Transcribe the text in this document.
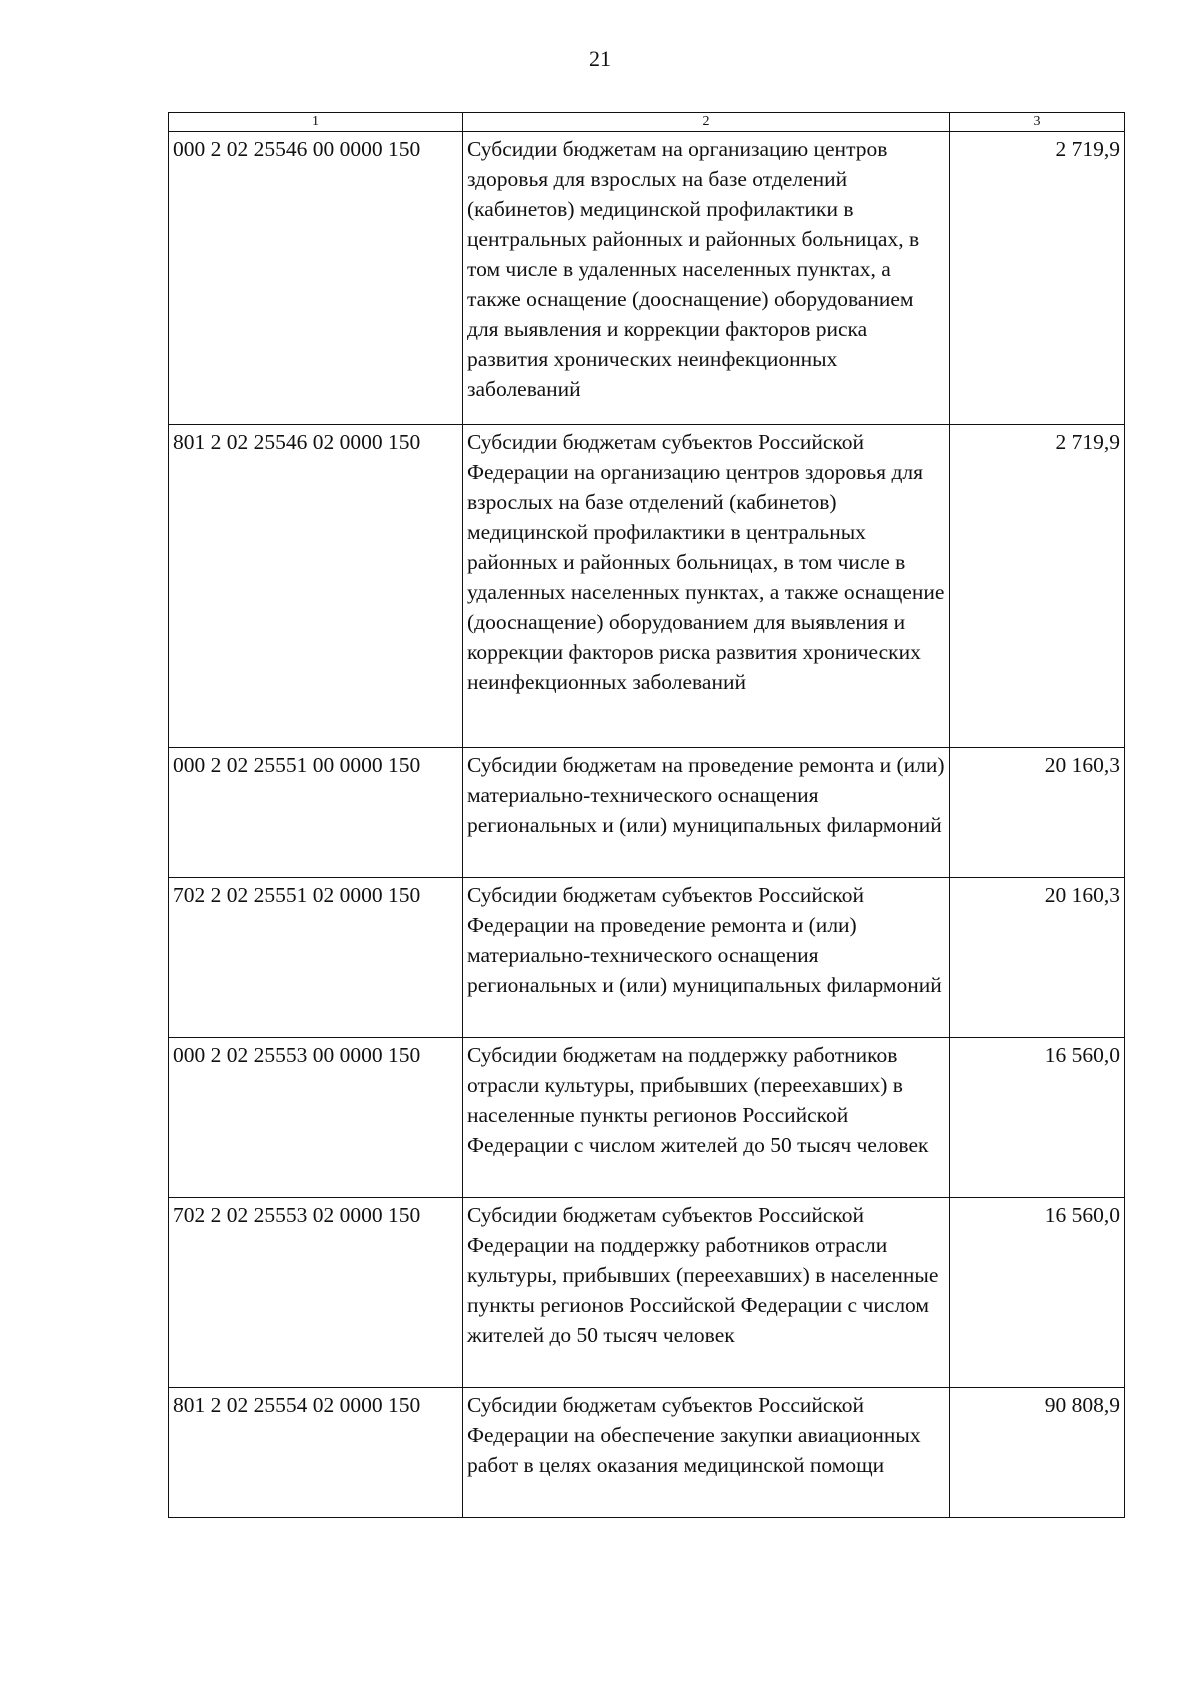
21
1	2	3
000 2 02 25546 00 0000 150	Субсидии бюджетам на организацию центров здоровья для взрослых на базе отделений (кабинетов) медицинской профилактики в центральных районных и районных больницах, в том числе в удаленных населенных пунктах, а также оснащение (дооснащение) оборудованием для выявления и коррекции факторов риска развития хронических неинфекционных заболеваний	2 719,9
801 2 02 25546 02 0000 150	Субсидии бюджетам субъектов Российской Федерации на организацию центров здоровья для взрослых на базе отделений (кабинетов) медицинской профилактики в центральных районных и районных больницах, в том числе в удаленных населенных пунктах, а также оснащение (дооснащение) оборудованием для выявления и коррекции факторов риска развития хронических неинфекционных заболеваний	2 719,9
000 2 02 25551 00 0000 150	Субсидии бюджетам на проведение ремонта и (или) материально-технического оснащения региональных и (или) муниципальных филармоний	20 160,3
702 2 02 25551 02 0000 150	Субсидии бюджетам субъектов Российской Федерации на проведение ремонта и (или) материально-технического оснащения региональных и (или) муниципальных филармоний	20 160,3
000 2 02 25553 00 0000 150	Субсидии бюджетам на поддержку работников отрасли культуры, прибывших (переехавших) в населенные пункты регионов Российской Федерации с числом жителей до 50 тысяч человек	16 560,0
702 2 02 25553 02 0000 150	Субсидии бюджетам субъектов Российской Федерации на поддержку работников отрасли культуры, прибывших (переехавших) в населенные пункты регионов Российской Федерации с числом жителей до 50 тысяч человек	16 560,0
801 2 02 25554 02 0000 150	Субсидии бюджетам субъектов Российской Федерации на обеспечение закупки авиационных работ в целях оказания медицинской помощи	90 808,9
